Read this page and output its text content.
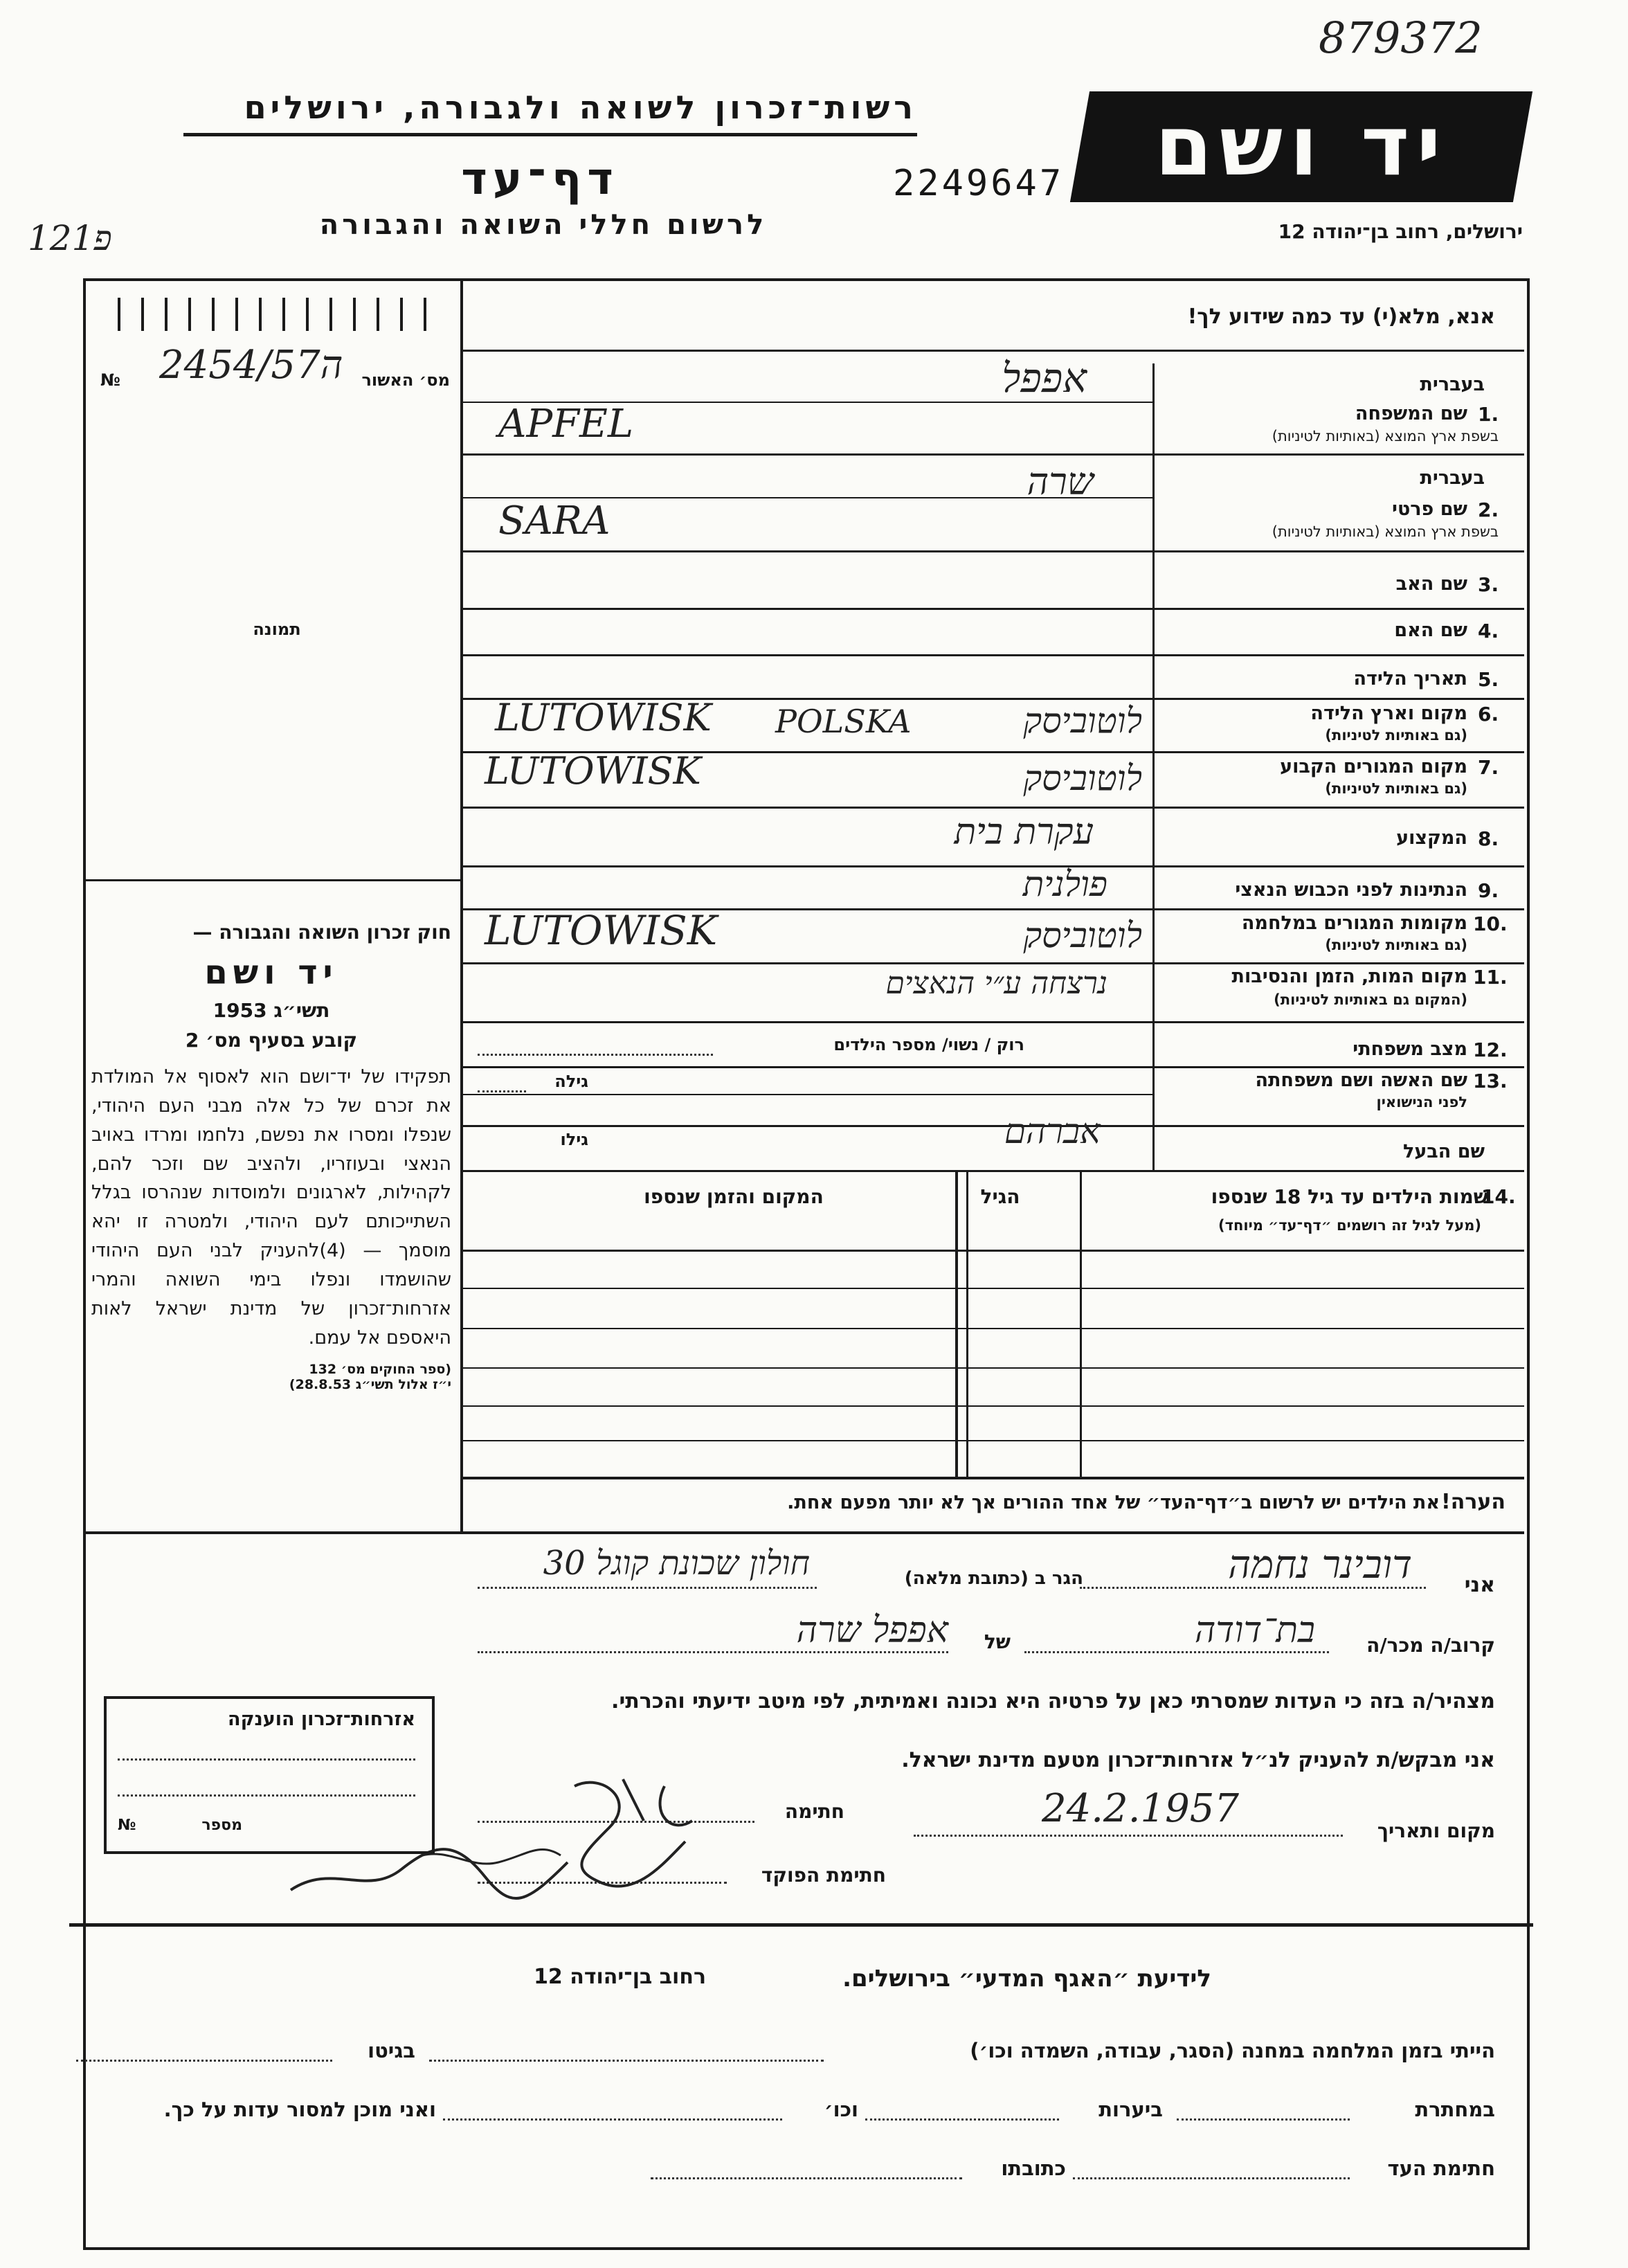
879372
רשות־זכרון לשואה ולגבורה, ירושלים
דף־עד	2249647
לרשום חללי השואה והגבורה
121פ
יד ושם
ירושלים, רחוב בן־יהודה 12
אנא, מלא(י) עד כמה שידוע לך!
מס׳ האשור
№ 2454/57ה
תמונה
חוק זכרון השואה והגבורה —
יד ושם
תשי״ג 1953
קובע בסעיף מס׳ 2
תפקידו של יד־ושם הוא לאסוף אל המולדת את זכרם של כל אלה מבני העם היהודי, שנפלו ומסרו את נפשם, נלחמו ומרדו באויב הנאצי ובעוזריו, ולהציב שם וזכר להם, לקהילות, לארגונים ולמוסדות שנהרסו בגלל השתייכותם לעם היהודי, ולמטרה זו יהא מוסמך — (4)להעניק לבני העם היהודי שהושמדו ונפלו בימי השואה והמרי אזרחות־זכרון של מדינת ישראל לאות היאספם אל עמם.
(ספר החוקים מס׳ 132
י״ז אלול תשי״ג 28.8.53)
בעברית
שם המשפחה 1.
בשפת ארץ המוצא (באותיות לטיניות)
אפפל
APFEL
בעברית
שם פרטי 2.
בשפת ארץ המוצא (באותיות לטיניות)
שרה
SARA
שם האב 3.
שם האם 4.
תאריך הלידה 5.
מקום וארץ הלידה 6.
(גם באותיות לטיניות)
LUTOWISK POLSKA	לוטוביסק
מקום המגורים הקבוע 7.
(גם באותיות לטיניות)
LUTOWISK	לוטוביסק
המקצוע 8.
עקרת בית
הנתינות לפני הכבוש הנאצי 9.
פולנית
מקומות המגורים במלחמה 10.
(גם באותיות לטיניות)
LUTOWISK	לוטוביסק
מקום המות, הזמן והנסיבות 11.
(המקום גם באותיות לטיניות)
נרצחה ע״י הנאצים
מצב משפחתי 12.
רוק / נשוי/ מספר הילדים
שם האשה ושם משפחתה 13.
לפני הנישואין
גילה
שם הבעל
גילו	אברהם
שמות הילדים עד גיל 18 שנספו
14.
(מעל לגיל זה רושמים ״דף־עד״ מיוחד)
הגיל
המקום והזמן שנספו
את הילדים יש לרשום ב״דף־העד״ של אחד ההורים אך לא יותר מפעם אחת. הערה!
אני
דובינר נחמה
הגר ב (כתובת מלאה)
חולון שכונת קוגל 30
קרוב/ה מכר/ה
בת־דודה
של
אפפל שרה
מצהיר/ה בזה כי העדות שמסרתי כאן על פרטיה היא נכונה ואמיתית, לפי מיטב ידיעתי והכרתי.
אני מבקש/ת להעניק לנ״ל אזרחות־זכרון מטעם מדינת ישראל.
מקום ותאריך
24.2.1957
חתימה
חתימת הפוקד
אזרחות־זכרון הוענקה
מספר
№
לידיעת ״האגף המדעי״ בירושלים.
רחוב בן־יהודה 12
הייתי בזמן המלחמה במחנה (הסגר, עבודה, השמדה וכו׳)
בגיטו
במחתרת
ביערות
וכו׳
ואני מוכן למסור עדות על כך.
חתימת העד
כתובתו
